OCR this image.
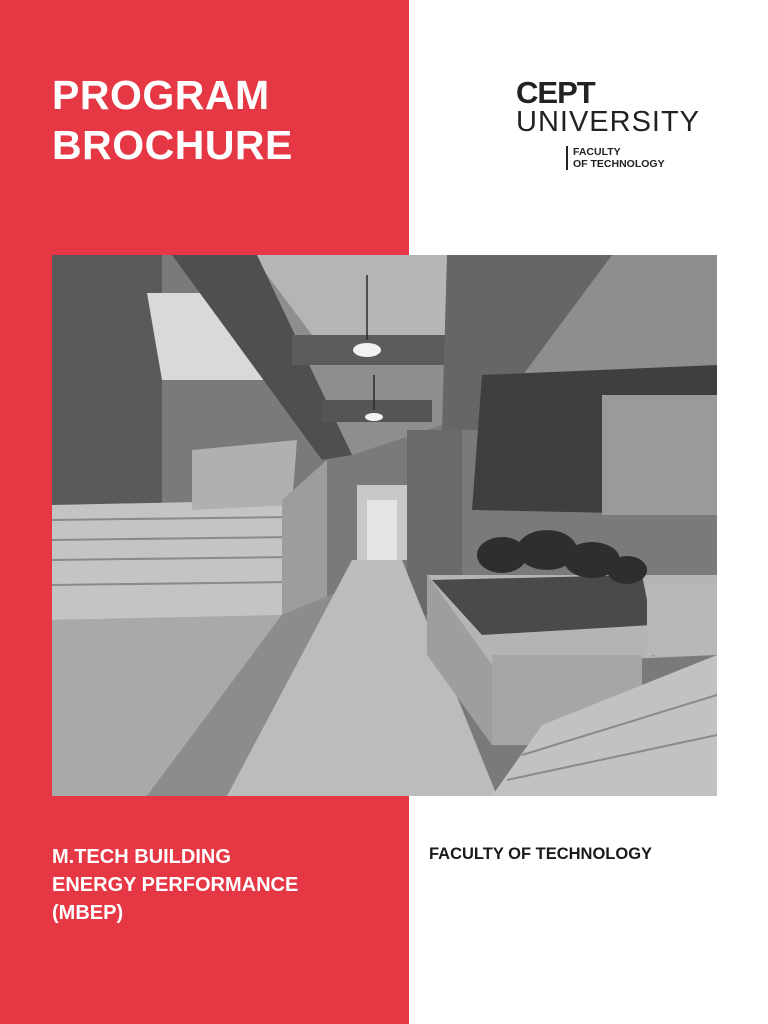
PROGRAM
BROCHURE
CEPT
UNIVERSITY
FACULTY
OF TECHNOLOGY
M.TECH BUILDING
ENERGY PERFORMANCE
(MBEP)
FACULTY OF TECHNOLOGY
